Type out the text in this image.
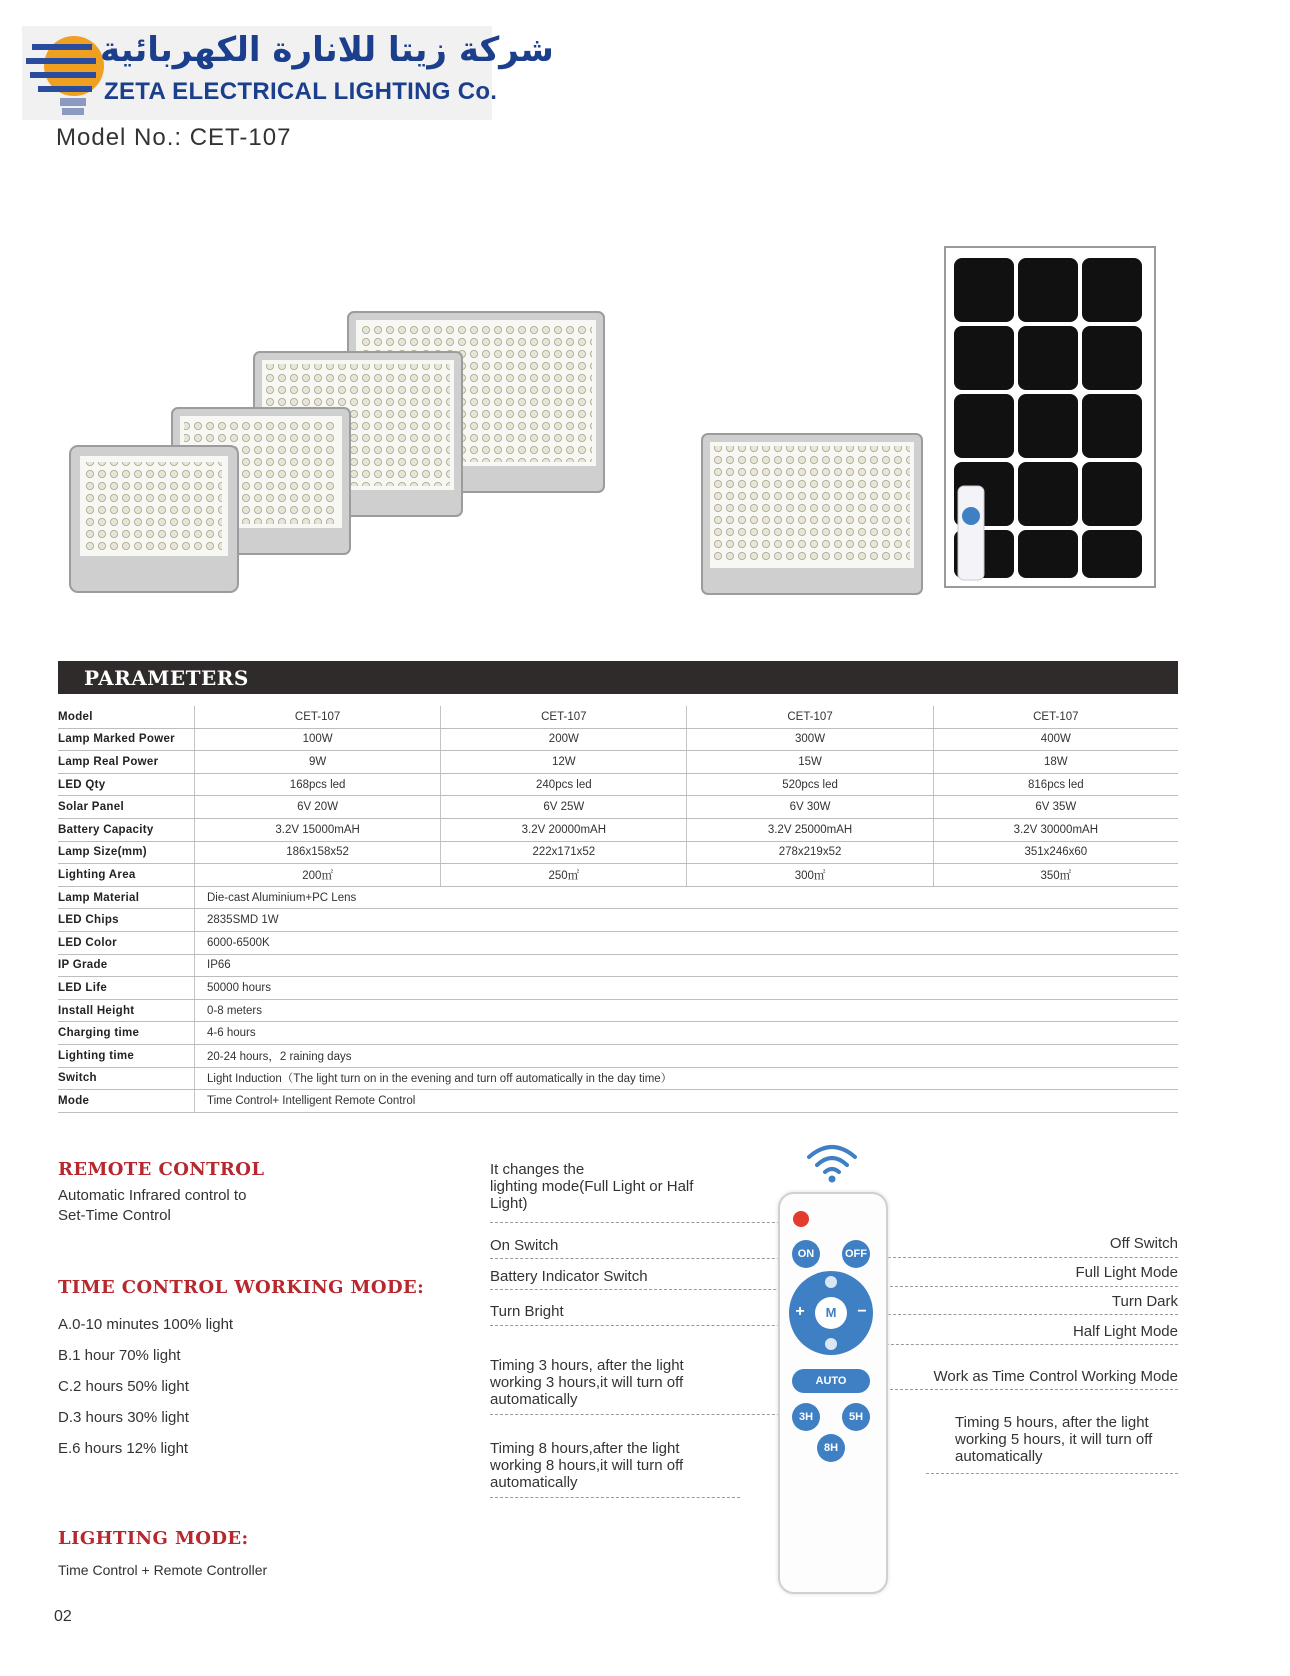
شركة زيتا للانارة الكهربائية
ZETA ELECTRICAL LIGHTING Co.
Model No.: CET-107
PARAMETERS
Model	CET-107	CET-107	CET-107	CET-107
Lamp Marked Power	100W	200W	300W	400W
Lamp Real Power	9W	12W	15W	18W
LED Qty	168pcs led	240pcs led	520pcs led	816pcs led
Solar Panel	6V 20W	6V 25W	6V 30W	6V 35W
Battery Capacity	3.2V 15000mAH	3.2V 20000mAH	3.2V 25000mAH	3.2V 30000mAH
Lamp Size(mm)	186x158x52	222x171x52	278x219x52	351x246x60
Lighting Area	200㎡	250㎡	300㎡	350㎡
Lamp Material	Die-cast Aluminium+PC Lens			
LED Chips	2835SMD 1W			
LED Color	6000-6500K			
IP Grade	IP66			
LED Life	50000 hours			
Install Height	0-8 meters			
Charging time	4-6 hours			
Lighting time	20-24 hours，2 raining days			
Switch	Light Induction（The light turn on in the evening and turn off automatically in the day time）			
Mode	Time Control+ Intelligent Remote Control			
REMOTE CONTROL
Automatic Infrared control to
Set-Time Control
TIME CONTROL WORKING MODE:
A.0-10 minutes 100% light
B.1 hour 70% light
C.2 hours 50% light
D.3 hours 30% light
E.6 hours 12% light
LIGHTING MODE:
Time Control + Remote Controller
It changes the
lighting mode(Full Light or Half
Light)
On Switch
Battery Indicator Switch
Turn Bright
Timing 3 hours, after the light
working 3 hours,it will turn off
automatically
Timing 8 hours,after the light
working 8 hours,it will turn off
automatically
Off Switch
Full Light Mode
Turn Dark
Half Light Mode
Work as Time Control Working Mode
Timing 5 hours, after the light
working 5 hours, it will turn off
automatically
ON	OFF
M
+	−
AUTO
3H	5H
8H
02
